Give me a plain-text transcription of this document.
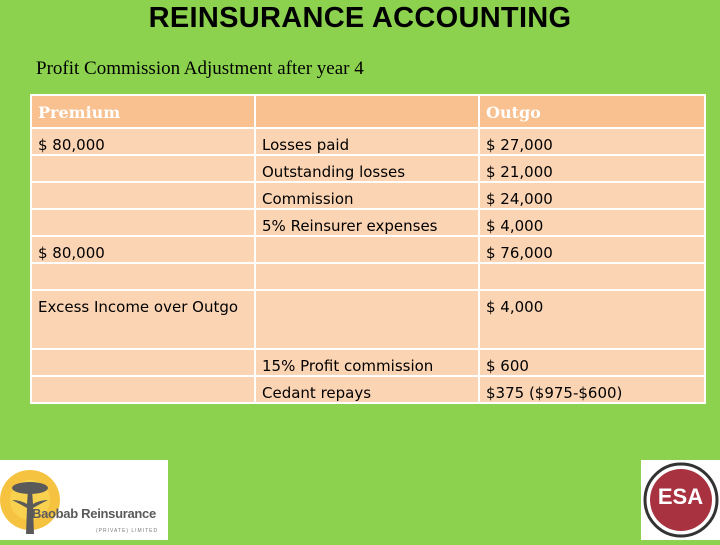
REINSURANCE ACCOUNTING
Profit Commission Adjustment after year 4
Premium		Outgo
$ 80,000	Losses paid	$ 27,000
	Outstanding losses	$ 21,000
	Commission	$ 24,000
	5% Reinsurer expenses	$ 4,000
$ 80,000		$ 76,000

Excess Income over Outgo		$ 4,000
	15% Profit commission	$ 600
	Cedant repays	$375 ($975-$600)
Baobab Reinsurance
(PRIVATE) LIMITED
ESA
